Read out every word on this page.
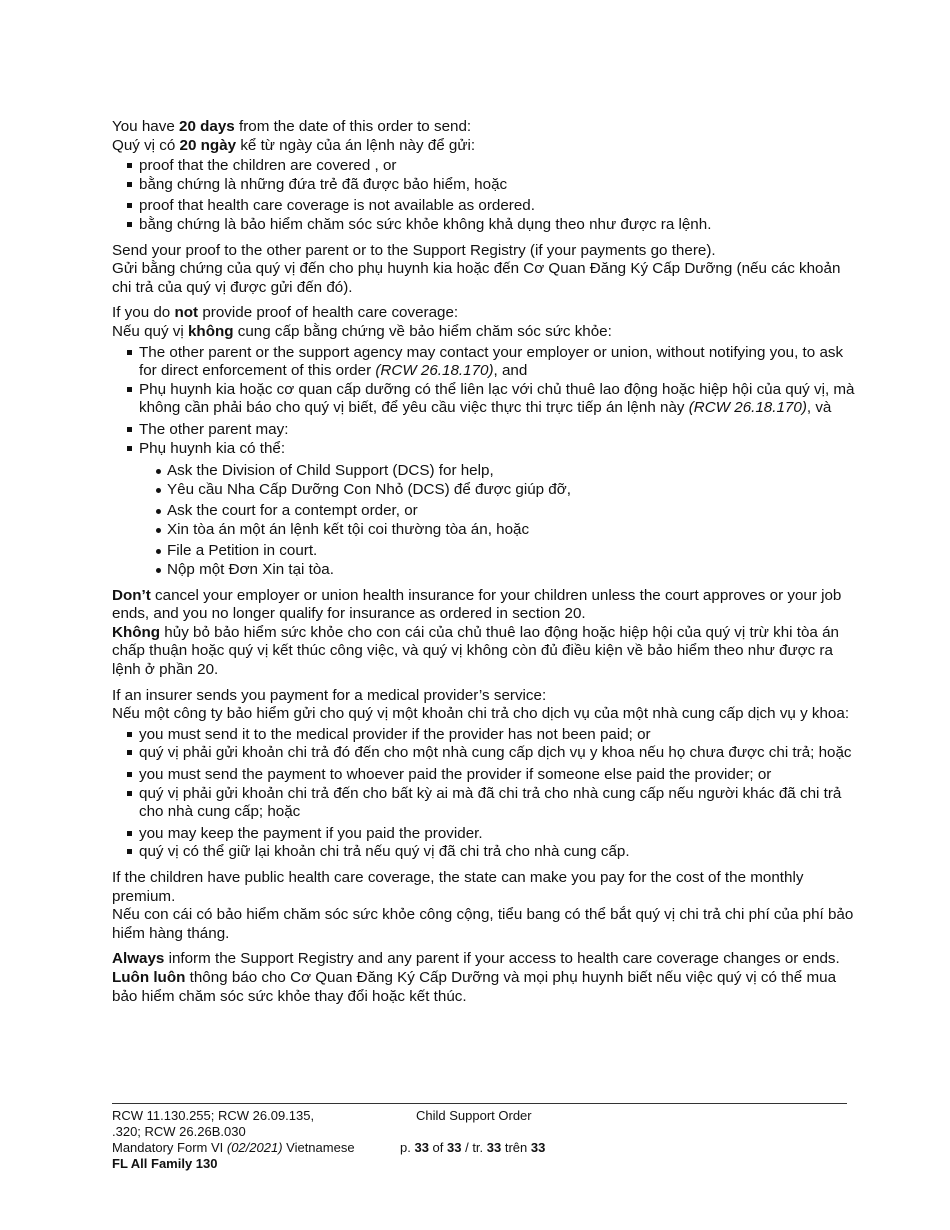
You have 20 days from the date of this order to send:

Quý vị có 20 ngày kể từ ngày của án lệnh này để gửi:

proof that the children are covered , or
bằng chứng là những đứa trẻ đã được bảo hiểm, hoặc
proof that health care coverage is not available as ordered.
bằng chứng là bảo hiểm chăm sóc sức khỏe không khả dụng theo như được ra lệnh.

Send your proof to the other parent or to the Support Registry (if your payments go there).

Gửi bằng chứng của quý vị đến cho phụ huynh kia hoặc đến Cơ Quan Đăng Ký Cấp Dưỡng (nếu các khoản chi trả của quý vị được gửi đến đó).

If you do not provide proof of health care coverage:

Nếu quý vị không cung cấp bằng chứng về bảo hiểm chăm sóc sức khỏe:

The other parent or the support agency may contact your employer or union, without notifying you, to ask for direct enforcement of this order (RCW 26.18.170), and
Phụ huynh kia hoặc cơ quan cấp dưỡng có thể liên lạc với chủ thuê lao động hoặc hiệp hội của quý vị, mà không cần phải báo cho quý vị biết, để yêu cầu việc thực thi trực tiếp án lệnh này (RCW 26.18.170), và
The other parent may:
Phụ huynh kia có thể:
Ask the Division of Child Support (DCS) for help,
Yêu cầu Nha Cấp Dưỡng Con Nhỏ (DCS) để được giúp đỡ,
Ask the court for a contempt order, or
Xin tòa án một án lệnh kết tội coi thường tòa án, hoặc
File a Petition in court.
Nộp một Đơn Xin tại tòa.

Don’t cancel your employer or union health insurance for your children unless the court approves or your job ends, and you no longer qualify for insurance as ordered in section 20.

Không hủy bỏ bảo hiểm sức khỏe cho con cái của chủ thuê lao động hoặc hiệp hội của quý vị trừ khi tòa án chấp thuận hoặc quý vị kết thúc công việc, và quý vị không còn đủ điều kiện về bảo hiểm theo như được ra lệnh ở phần 20.

If an insurer sends you payment for a medical provider’s service:

Nếu một công ty bảo hiểm gửi cho quý vị một khoản chi trả cho dịch vụ của một nhà cung cấp dịch vụ y khoa:

you must send it to the medical provider if the provider has not been paid; or
quý vị phải gửi khoản chi trả đó đến cho một nhà cung cấp dịch vụ y khoa nếu họ chưa được chi trả; hoặc
you must send the payment to whoever paid the provider if someone else paid the provider; or
quý vị phải gửi khoản chi trả đến cho bất kỳ ai mà đã chi trả cho nhà cung cấp nếu người khác đã chi trả cho nhà cung cấp; hoặc
you may keep the payment if you paid the provider.
quý vị có thể giữ lại khoản chi trả nếu quý vị đã chi trả cho nhà cung cấp.

If the children have public health care coverage, the state can make you pay for the cost of the monthly premium.

Nếu con cái có bảo hiểm chăm sóc sức khỏe công cộng, tiểu bang có thể bắt quý vị chi trả chi phí của phí bảo hiểm hàng tháng.

Always inform the Support Registry and any parent if your access to health care coverage changes or ends.

Luôn luôn thông báo cho Cơ Quan Đăng Ký Cấp Dưỡng và mọi phụ huynh biết nếu việc quý vị có thể mua bảo hiểm chăm sóc sức khỏe thay đổi hoặc kết thúc.

RCW 11.130.255; RCW 26.09.135,
.320; RCW 26.26B.030
Mandatory Form VI (02/2021) Vietnamese
FL All Family 130
Child Support Order
p. 33 of 33 / tr. 33 trên 33
